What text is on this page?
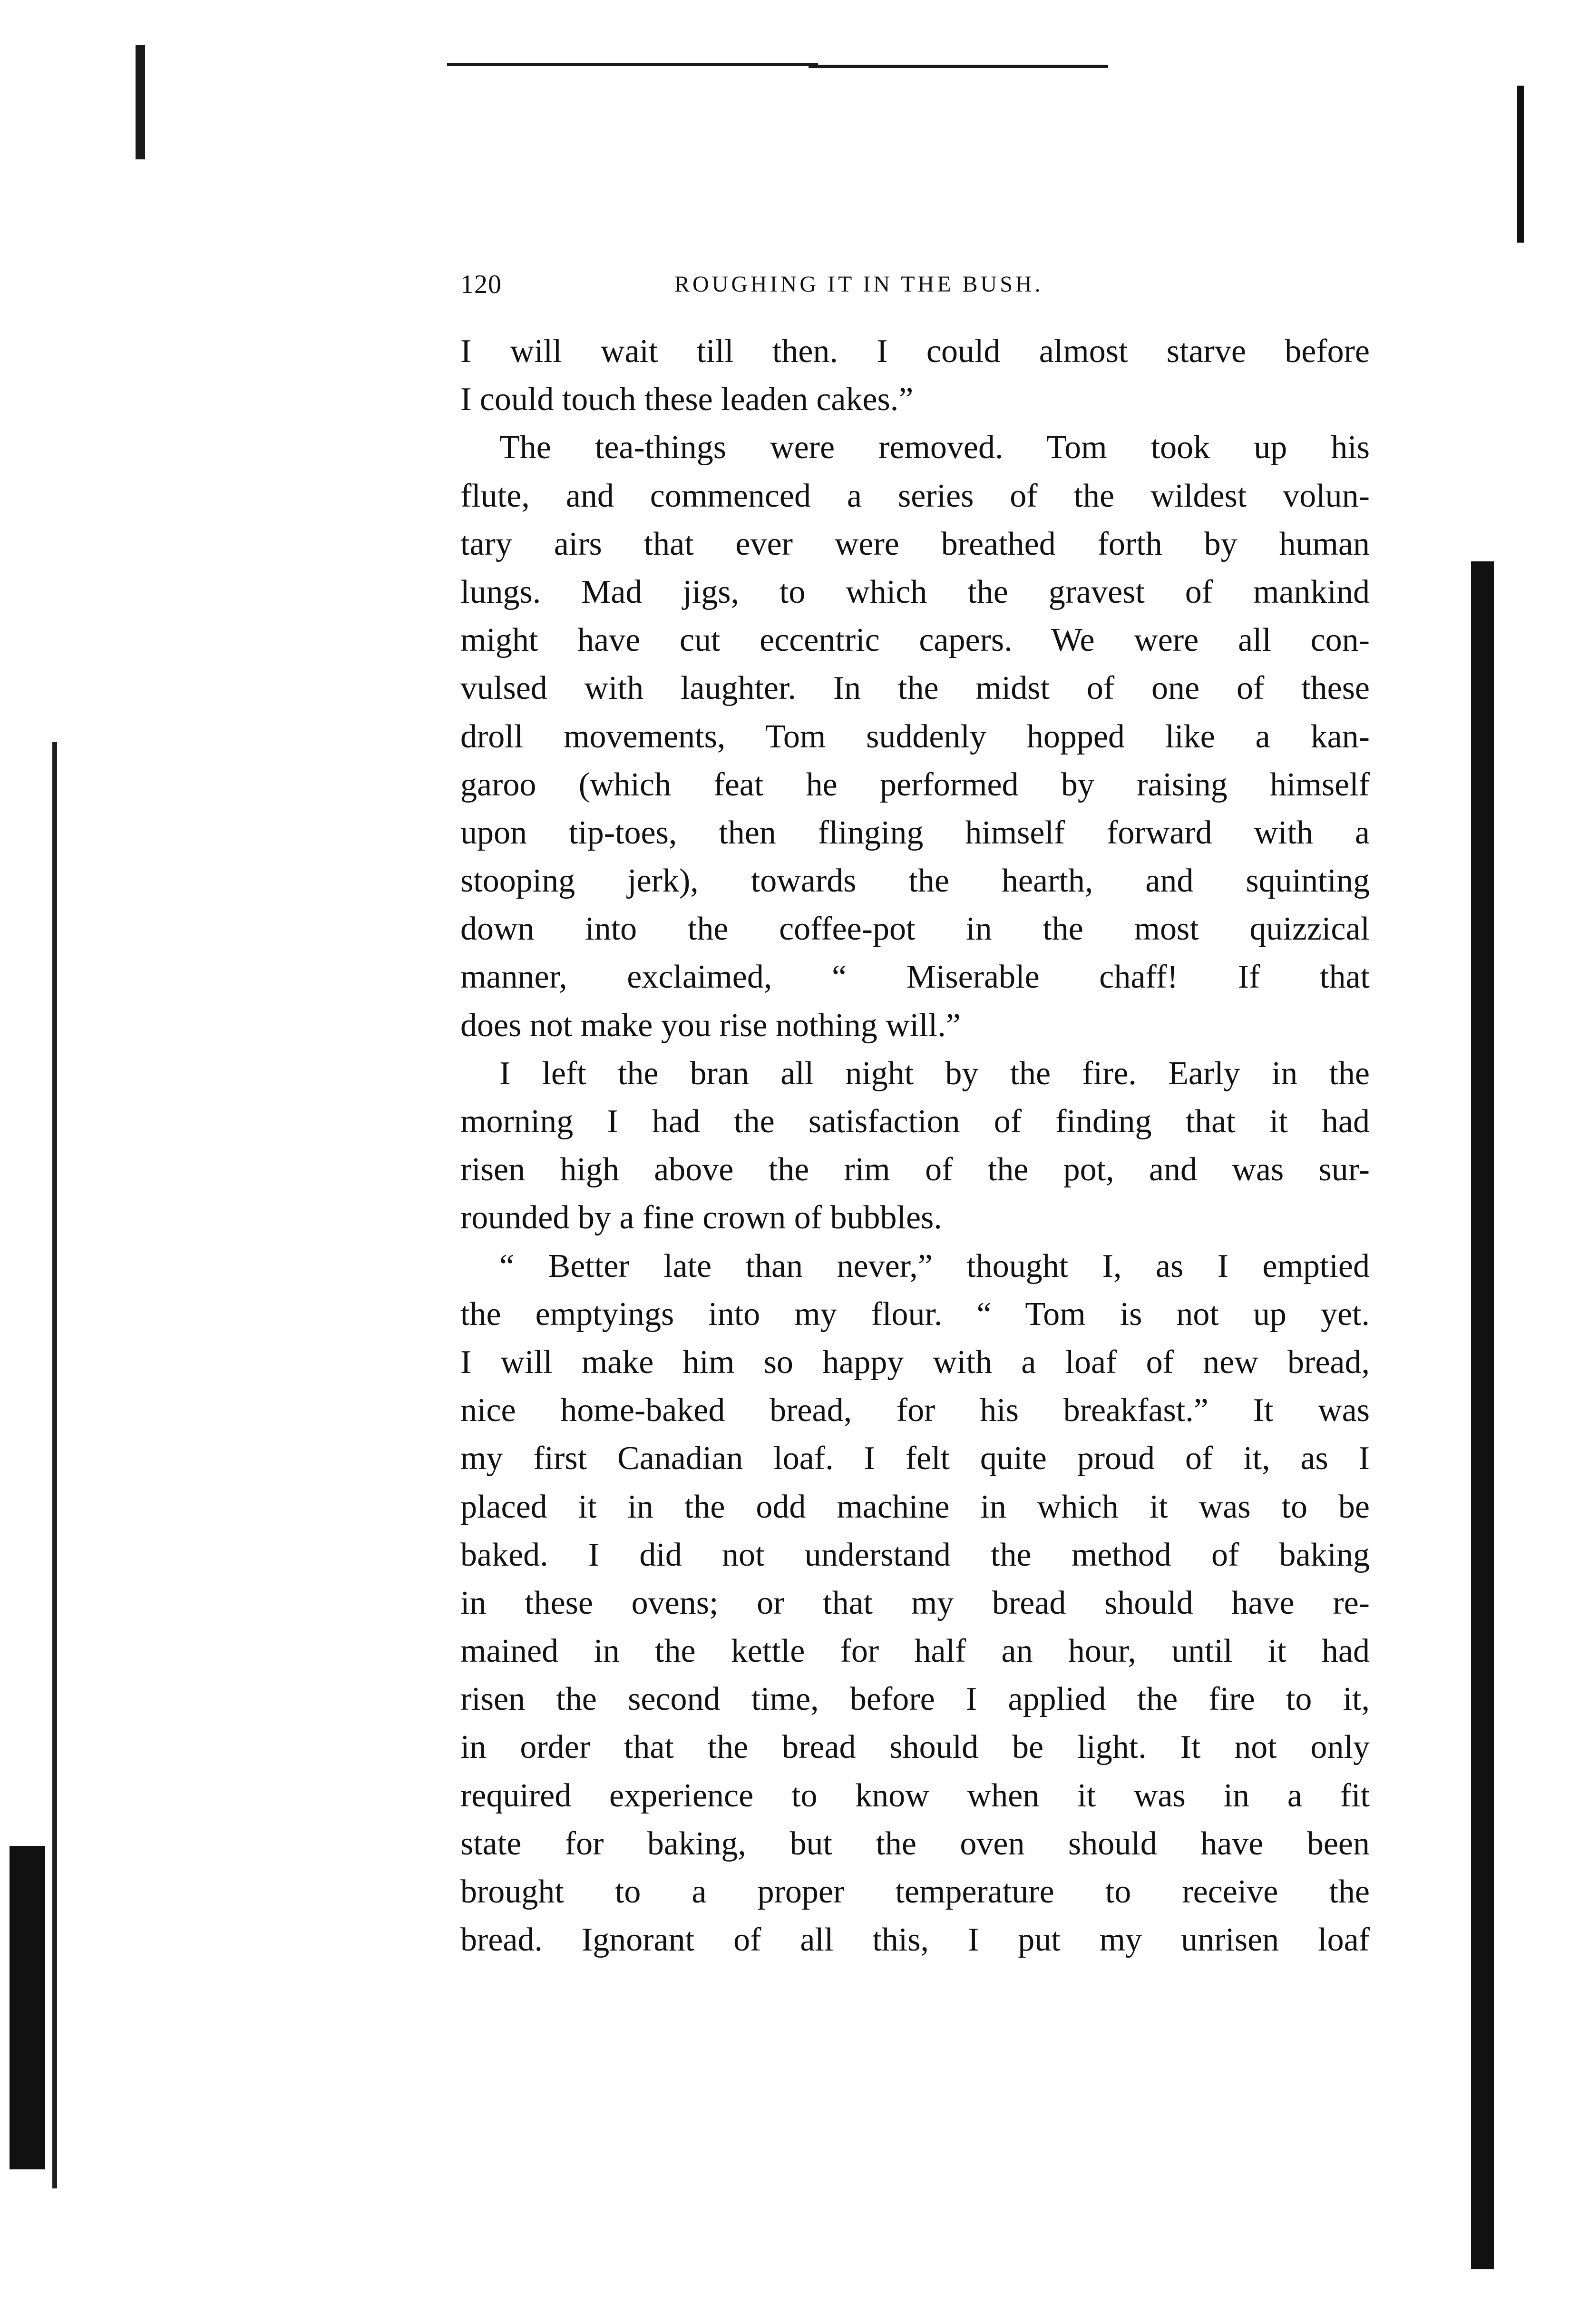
120	ROUGHING IT IN THE BUSH.
I will wait till then. I could almost starve before
I could touch these leaden cakes.”
The tea-things were removed. Tom took up his
flute, and commenced a series of the wildest volun-
tary airs that ever were breathed forth by human
lungs. Mad jigs, to which the gravest of mankind
might have cut eccentric capers. We were all con-
vulsed with laughter. In the midst of one of these
droll movements, Tom suddenly hopped like a kan-
garoo (which feat he performed by raising himself
upon tip-toes, then flinging himself forward with a
stooping jerk), towards the hearth, and squinting
down into the coffee-pot in the most quizzical
manner, exclaimed, “ Miserable chaff! If that
does not make you rise nothing will.”
I left the bran all night by the fire. Early in the
morning I had the satisfaction of finding that it had
risen high above the rim of the pot, and was sur-
rounded by a fine crown of bubbles.
“ Better late than never,” thought I, as I emptied
the emptyings into my flour. “ Tom is not up yet.
I will make him so happy with a loaf of new bread,
nice home-baked bread, for his breakfast.” It was
my first Canadian loaf. I felt quite proud of it, as I
placed it in the odd machine in which it was to be
baked. I did not understand the method of baking
in these ovens; or that my bread should have re-
mained in the kettle for half an hour, until it had
risen the second time, before I applied the fire to it,
in order that the bread should be light. It not only
required experience to know when it was in a fit
state for baking, but the oven should have been
brought to a proper temperature to receive the
bread. Ignorant of all this, I put my unrisen loaf
